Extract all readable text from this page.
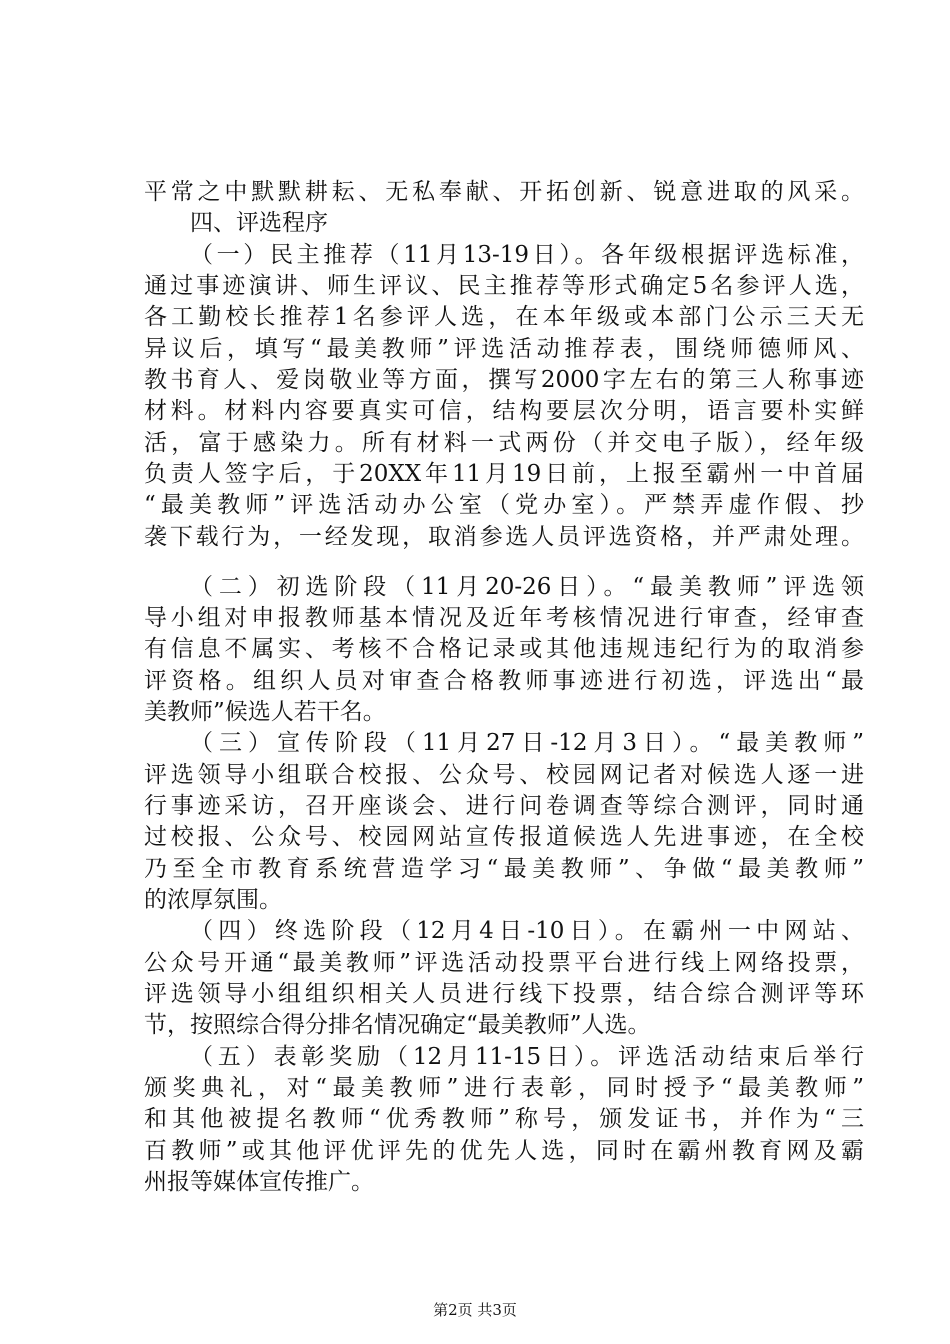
平常之中默默耕耘、无私奉献、开拓创新、锐意进取的风采。
四、评选程序
（一）民主推荐（11月13-19日）。各年级根据评选标准，
通过事迹演讲、师生评议、民主推荐等形式确定5名参评人选，
各工勤校长推荐1名参评人选，在本年级或本部门公示三天无
异议后，填写“最美教师”评选活动推荐表，围绕师德师风、
教书育人、爱岗敬业等方面，撰写2000字左右的第三人称事迹
材料。材料内容要真实可信，结构要层次分明，语言要朴实鲜
活，富于感染力。所有材料一式两份（并交电子版），经年级
负责人签字后，于20XX年11月19日前，上报至霸州一中首届
“最美教师”评选活动办公室（党办室）。严禁弄虚作假、抄
袭下载行为，一经发现，取消参选人员评选资格，并严肃处理。
（二）初选阶段（11月20-26日）。“最美教师”评选领
导小组对申报教师基本情况及近年考核情况进行审查，经审查
有信息不属实、考核不合格记录或其他违规违纪行为的取消参
评资格。组织人员对审查合格教师事迹进行初选，评选出“最
美教师”候选人若干名。
（三）宣传阶段（11月27日-12月3日）。“最美教师”
评选领导小组联合校报、公众号、校园网记者对候选人逐一进
行事迹采访，召开座谈会、进行问卷调查等综合测评，同时通
过校报、公众号、校园网站宣传报道候选人先进事迹，在全校
乃至全市教育系统营造学习“最美教师”、争做“最美教师”
的浓厚氛围。
（四）终选阶段（12月4日-10日）。在霸州一中网站、
公众号开通“最美教师”评选活动投票平台进行线上网络投票，
评选领导小组组织相关人员进行线下投票，结合综合测评等环
节，按照综合得分排名情况确定“最美教师”人选。
（五）表彰奖励（12月11-15日）。评选活动结束后举行
颁奖典礼，对“最美教师”进行表彰，同时授予“最美教师”
和其他被提名教师“优秀教师”称号，颁发证书，并作为“三
百教师”或其他评优评先的优先人选，同时在霸州教育网及霸
州报等媒体宣传推广。
第2页 共3页
